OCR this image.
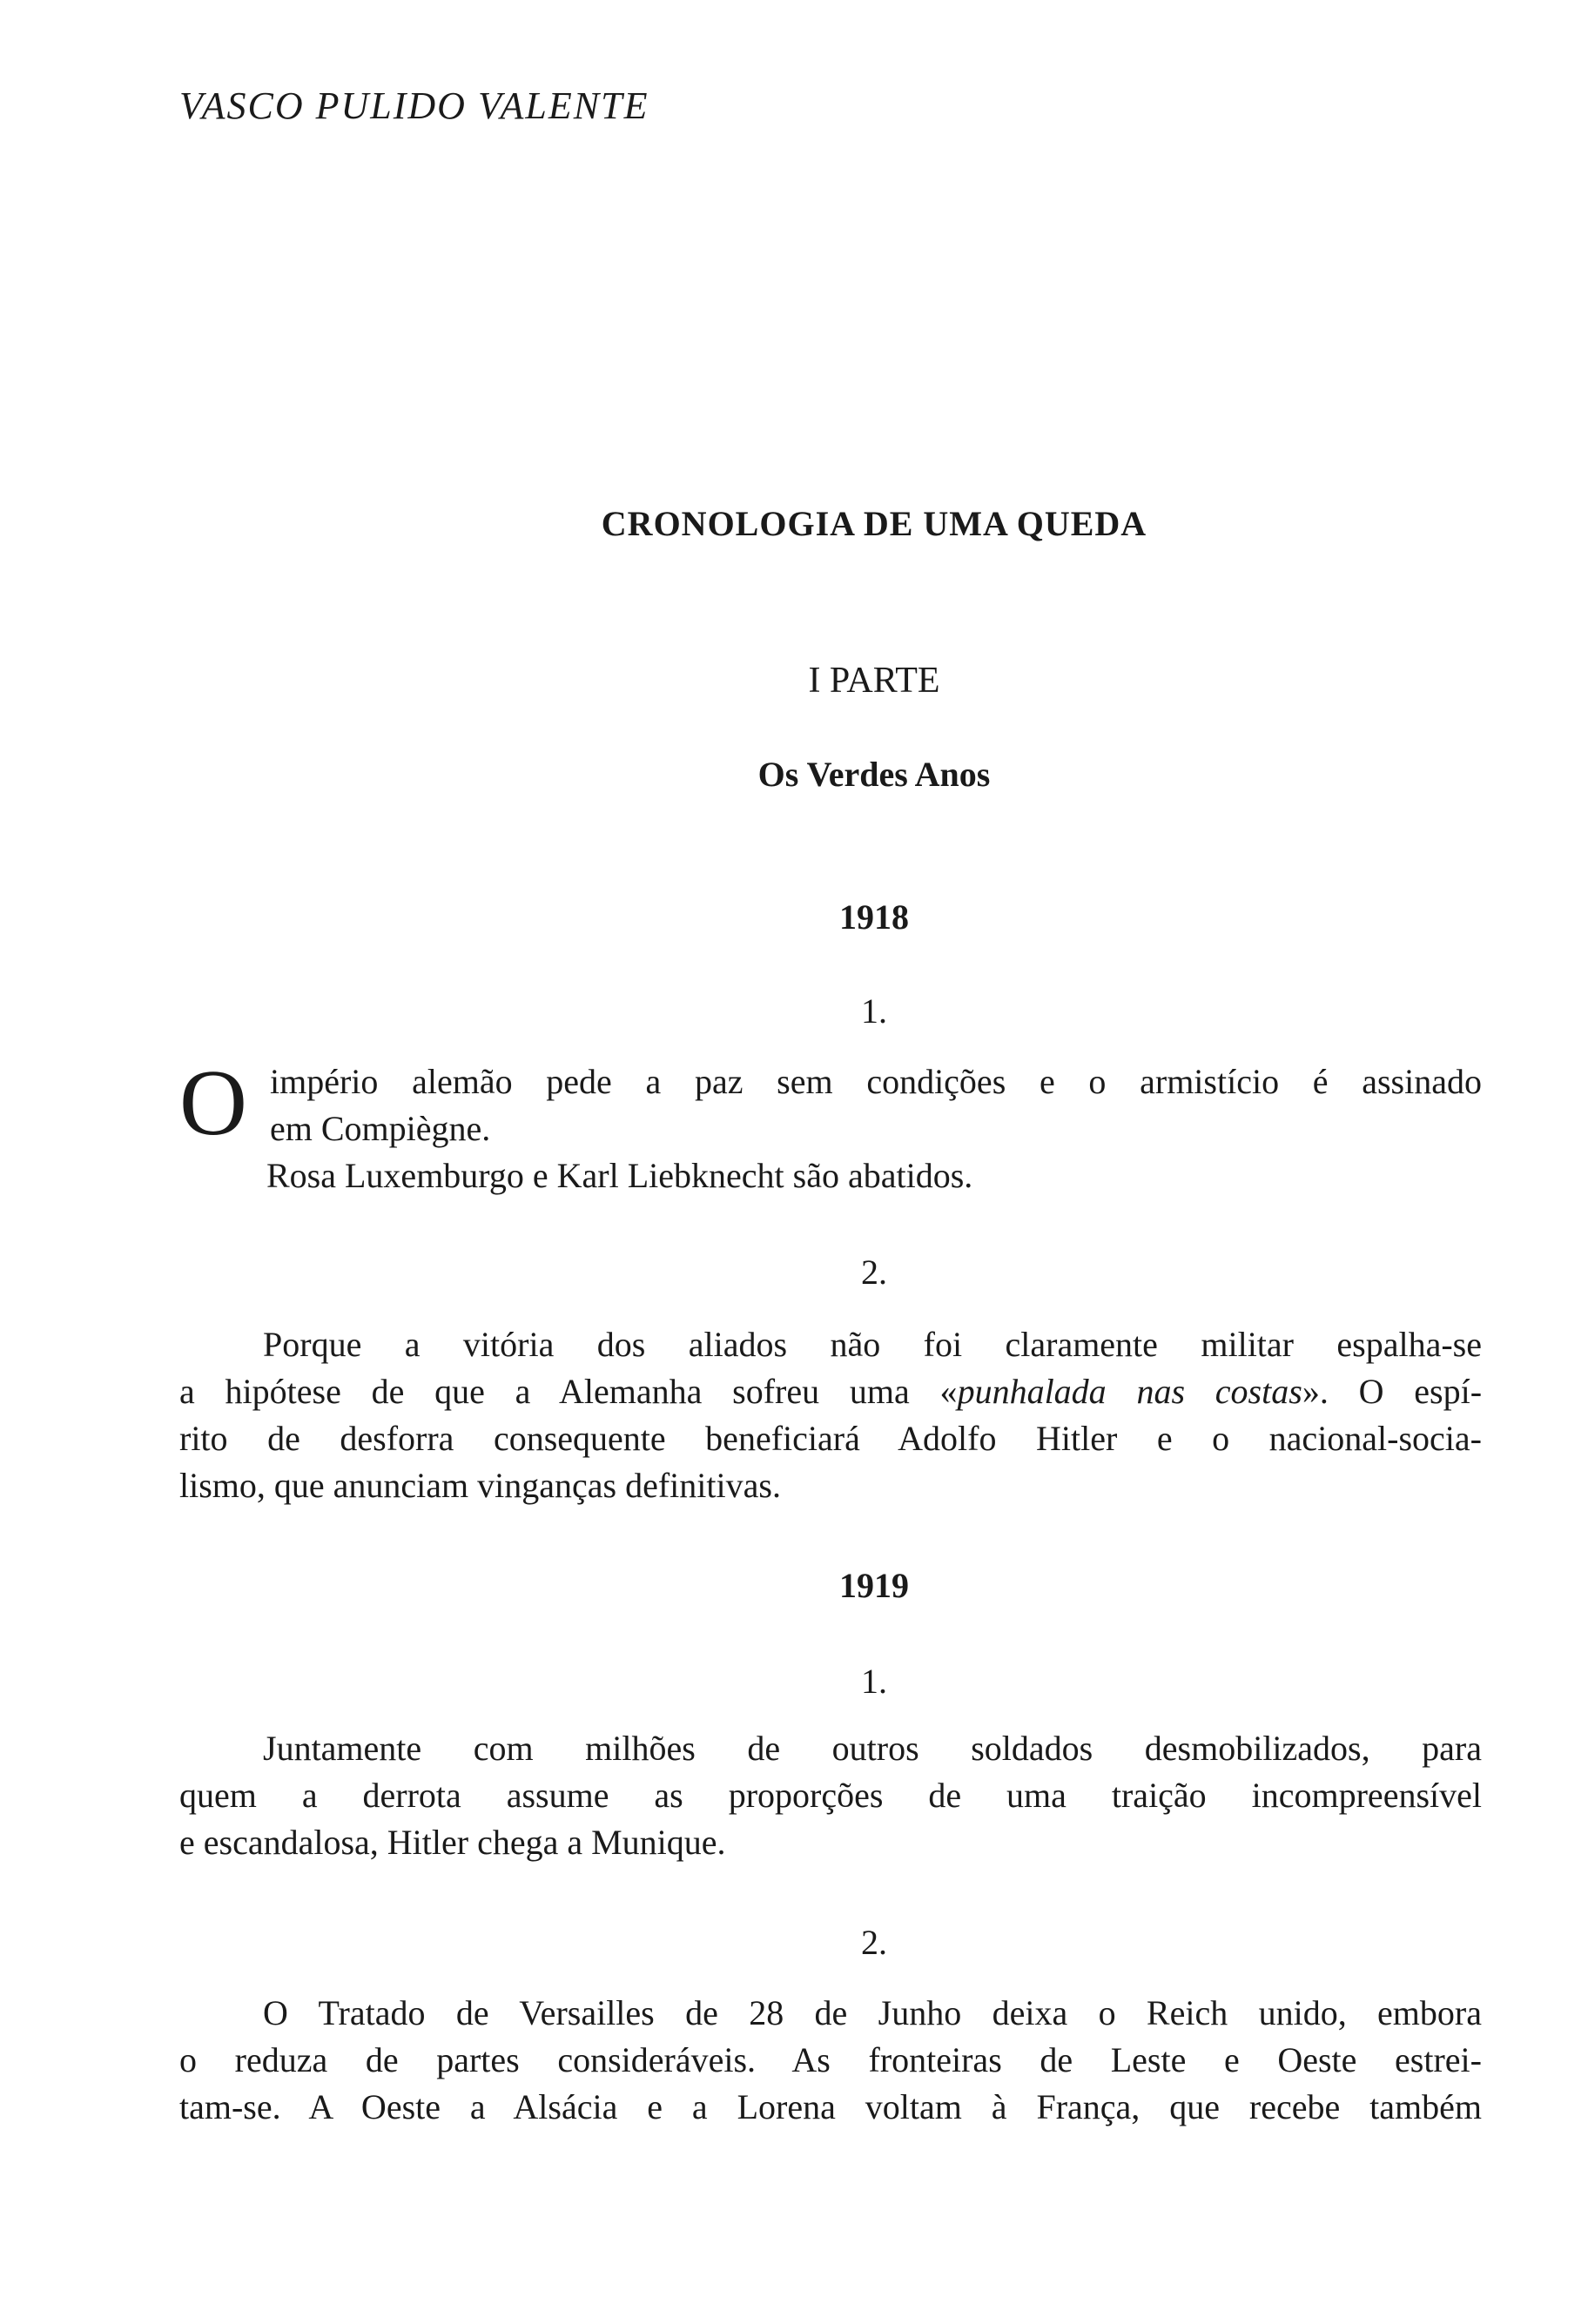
VASCO PULIDO VALENTE
CRONOLOGIA DE UMA QUEDA
I PARTE
Os Verdes Anos
1918
1.
O império alemão pede a paz sem condições e o armistício é assinado
em Compiègne.
Rosa Luxemburgo e Karl Liebknecht são abatidos.
2.
Porque a vitória dos aliados não foi claramente militar espalha-se
a hipótese de que a Alemanha sofreu uma «punhalada nas costas». O espí-
rito de desforra consequente beneficiará Adolfo Hitler e o nacional-socia-
lismo, que anunciam vinganças definitivas.
1919
1.
Juntamente com milhões de outros soldados desmobilizados, para
quem a derrota assume as proporções de uma traição incompreensível
e escandalosa, Hitler chega a Munique.
2.
O Tratado de Versailles de 28 de Junho deixa o Reich unido, embora
o reduza de partes consideráveis. As fronteiras de Leste e Oeste estrei-
tam-se. A Oeste a Alsácia e a Lorena voltam à França, que recebe também
